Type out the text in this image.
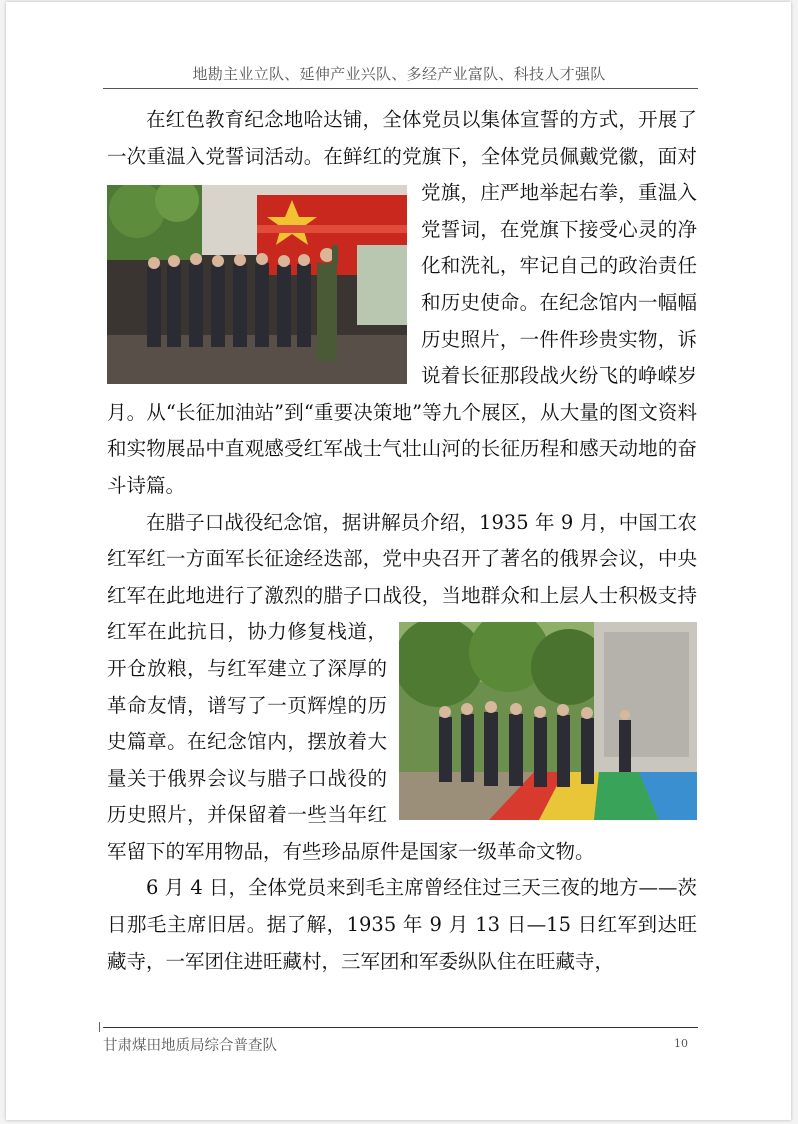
地勘主业立队、延伸产业兴队、多经产业富队、科技人才强队

在红色教育纪念地哈达铺，全体党员以集体宣誓的方式，开展了一次重温入党誓词活动。在鲜红的党旗下，全体党员佩戴党
徽，面对党旗，庄严地举起右拳，重温入党誓词，在党旗下接受心灵的净化和洗礼，牢记自己的政治责任和历史使命。在纪念馆内一幅幅历史照片，一件件珍贵实物，诉说着长征那段战火纷飞的峥嵘岁月。从“长征加油站”到“重要决策地”等九个展区，从大量的图文资料和实物展品中直观感受红军战士气壮山河的长征历程和感天动地的奋斗诗篇。

在腊子口战役纪念馆，据讲解员介绍，1935 年 9 月，中国工农红军红一方面军长征途经迭部，党中央召开了著名的俄界会议，中央红军在此地进行了激烈的腊子口战役，当地群众和上层人士
积极支持红军在此抗日，协力修复栈道，开仓放粮，与红军建立了深厚的革命友情，谱写了一页辉煌的历史篇章。在纪念馆内，摆放着大量关于俄界会议与腊子口战役的历史照片，并保留着一些当年红军留下的军用物品，有些珍品原件是国家一级革命文物。

6 月 4 日，全体党员来到毛主席曾经住过三天三夜的地方——茨日那毛主席旧居。据了解，1935 年 9 月 13 日—15 日红军到达旺藏寺，一军团住进旺藏村，三军团和军委纵队住在旺藏寺，

甘肃煤田地质局综合普查队	10
